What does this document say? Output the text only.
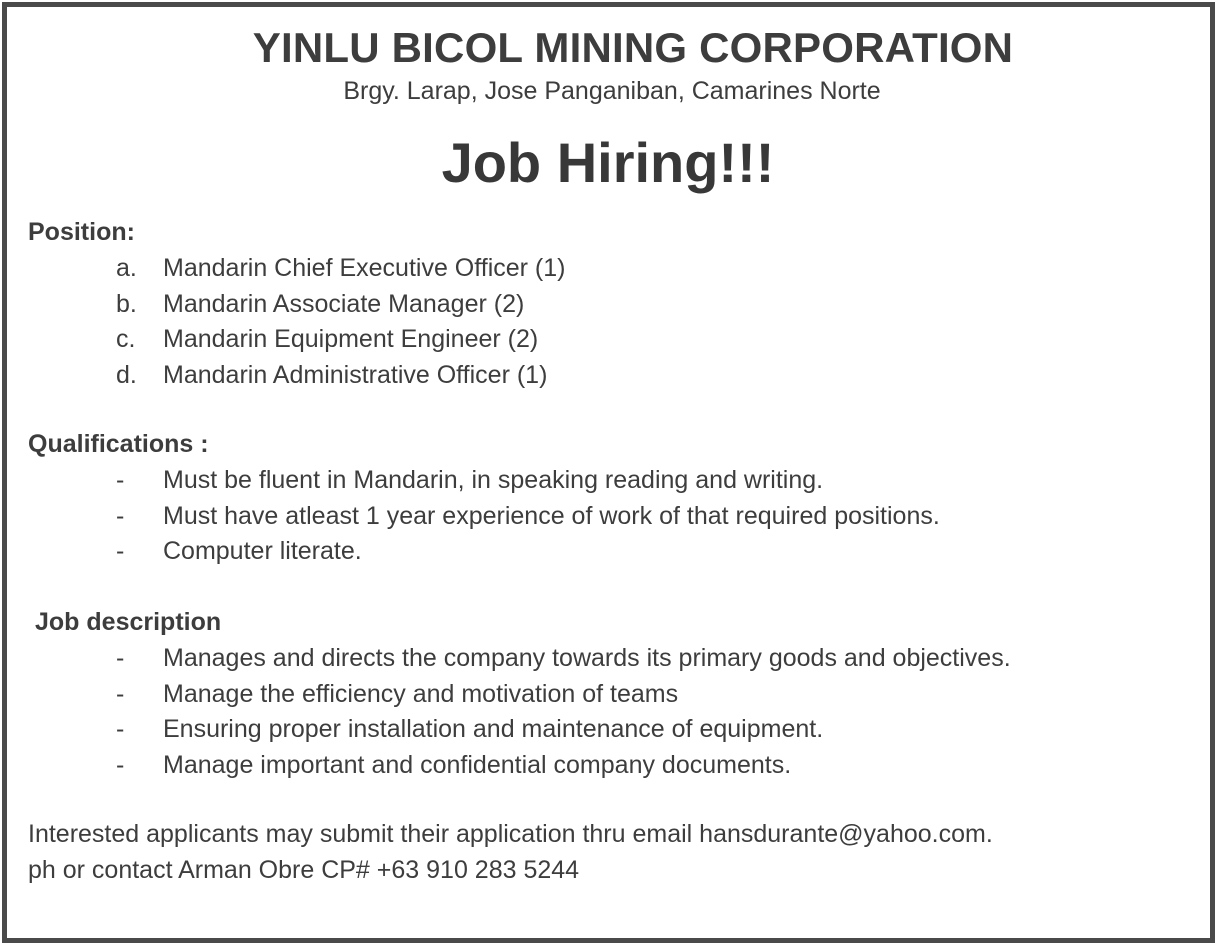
YINLU BICOL MINING CORPORATION
Brgy. Larap, Jose Panganiban, Camarines Norte
Job Hiring!!!
Position:
a. Mandarin Chief Executive Officer (1)
b. Mandarin Associate Manager (2)
c. Mandarin Equipment Engineer (2)
d. Mandarin Administrative Officer (1)
Qualifications :
- Must be fluent in Mandarin, in speaking reading and writing.
- Must have atleast 1 year experience of work of that required positions.
- Computer literate.
Job description
- Manages and directs the company towards its primary goods and objectives.
- Manage the efficiency and motivation of teams
- Ensuring proper installation and maintenance of equipment.
- Manage important and confidential company documents.
Interested applicants may submit their application thru email hansdurante@yahoo.com.
ph or contact Arman Obre CP# +63 910 283 5244
